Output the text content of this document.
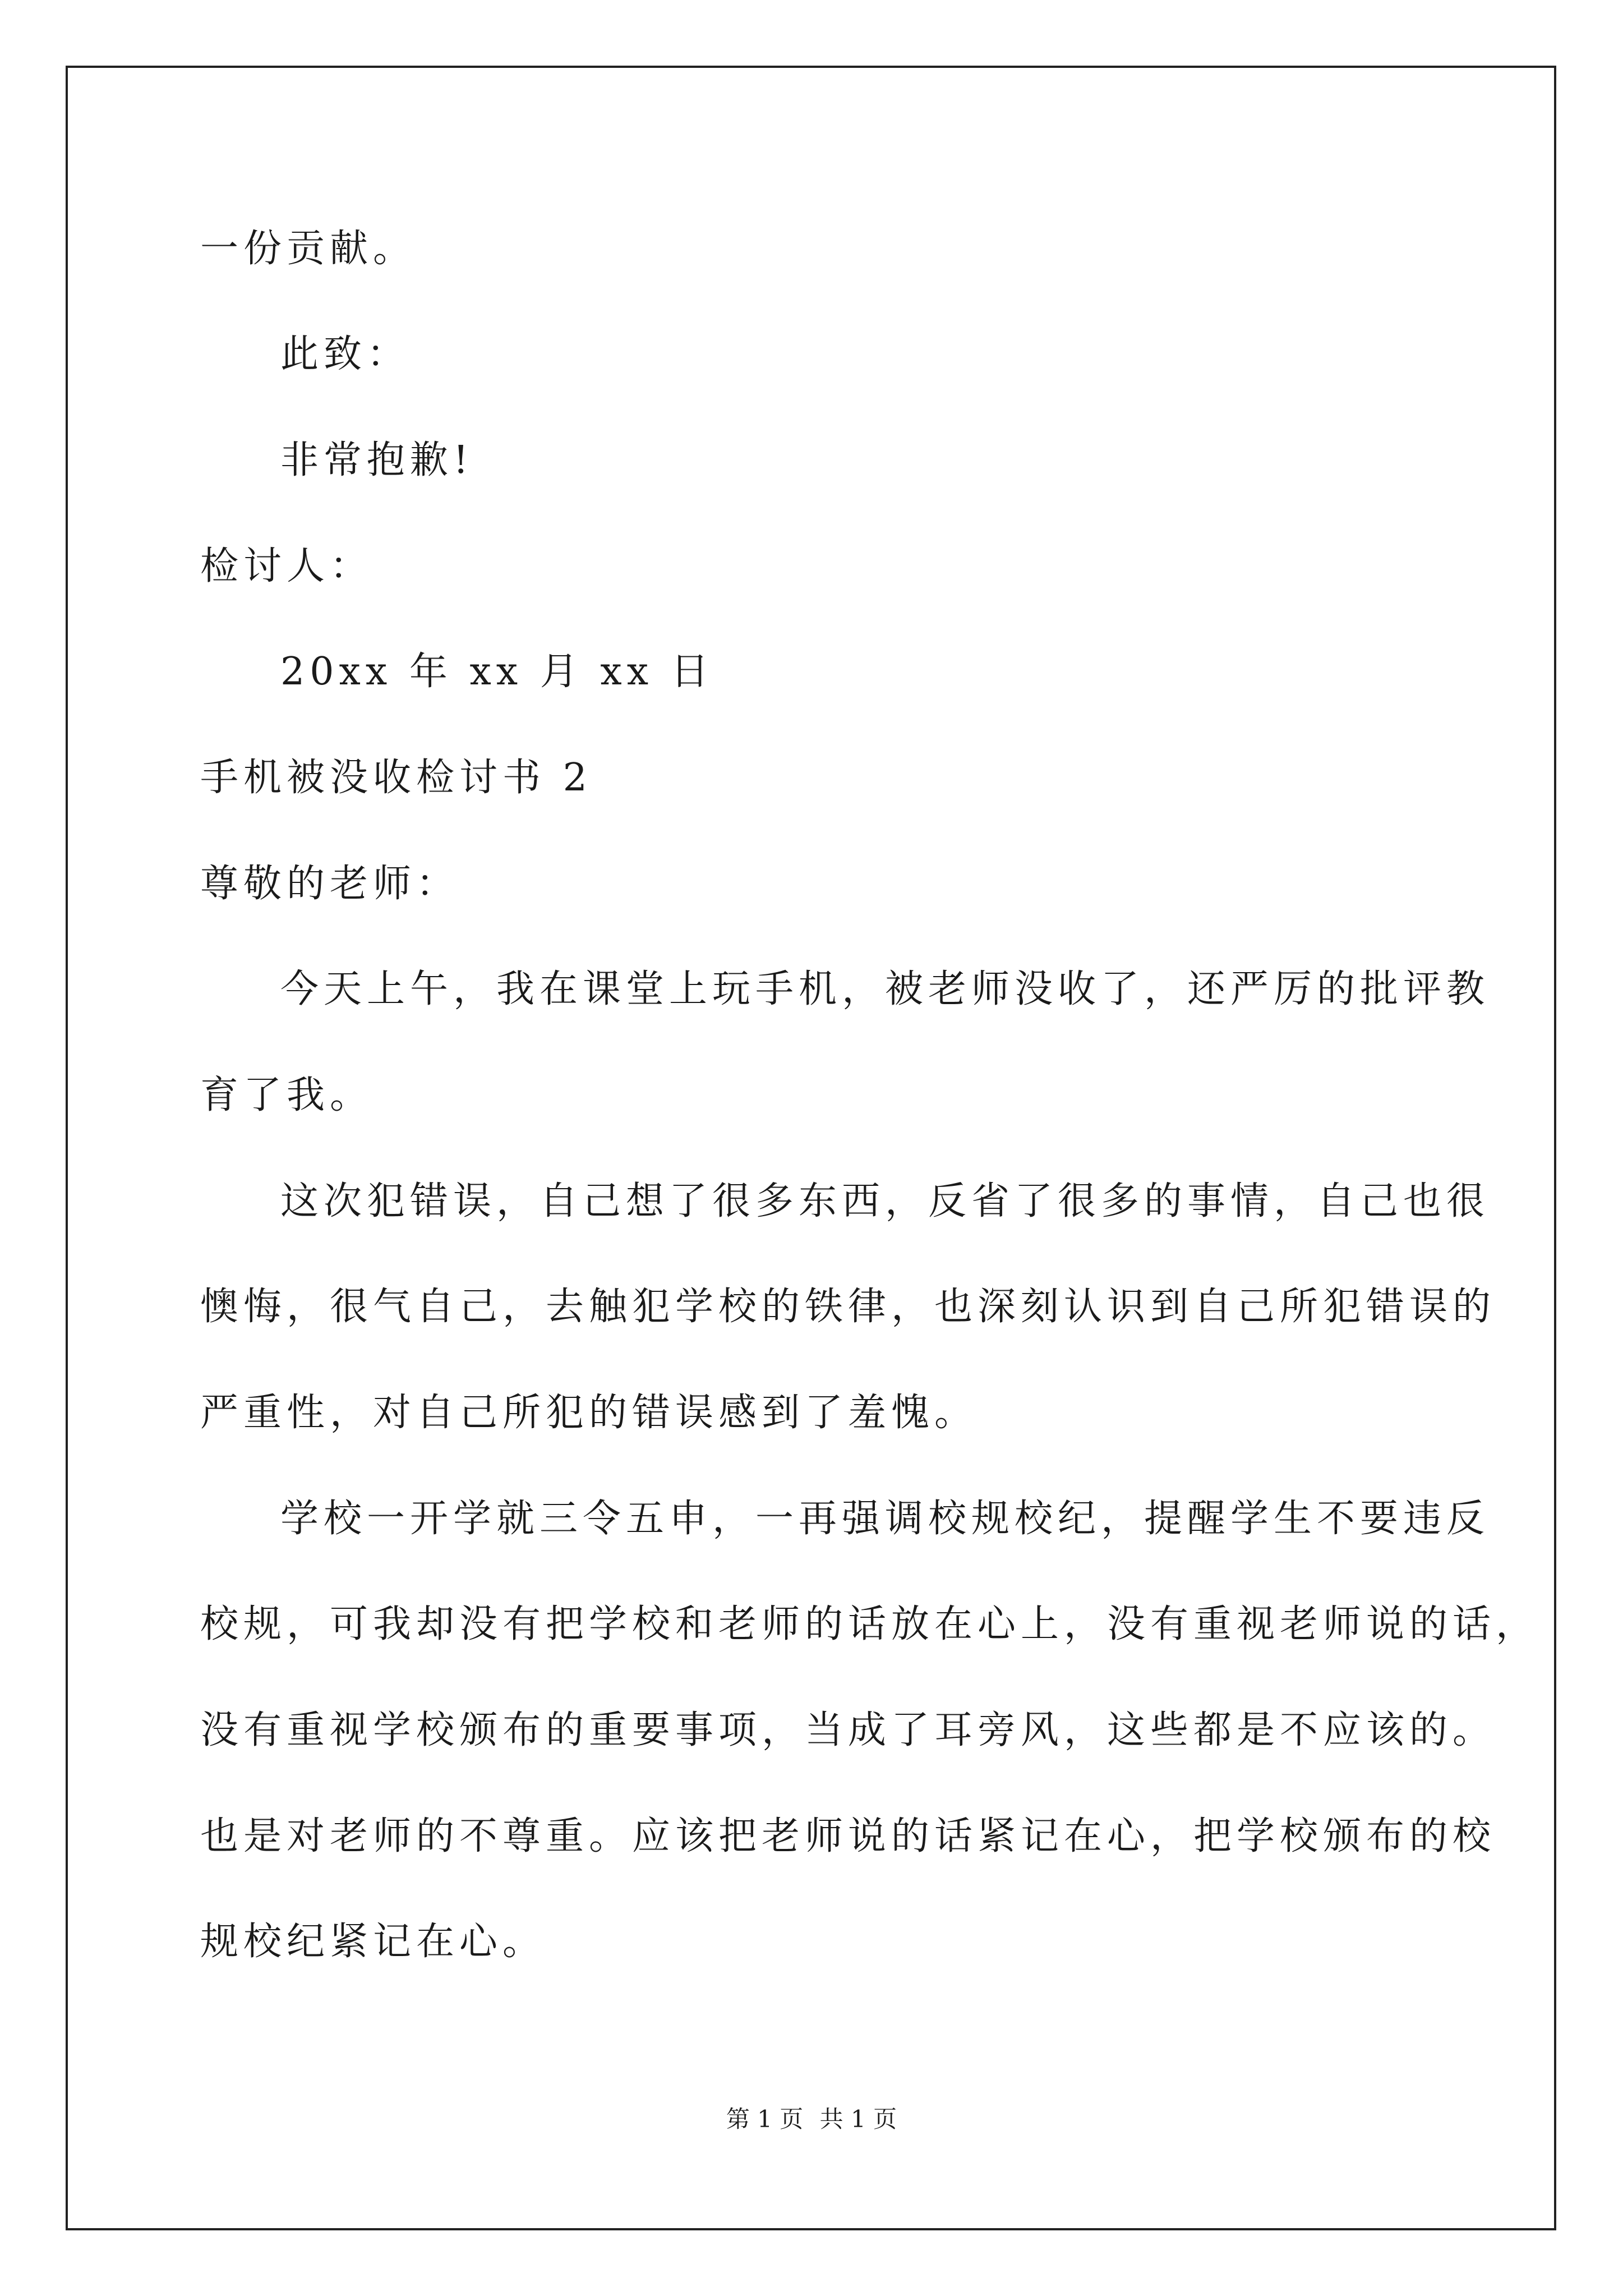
一份贡献。
此致：
非常抱歉!
检讨人：
20xx 年 xx 月 xx 日
手机被没收检讨书 2
尊敬的老师：
今天上午，我在课堂上玩手机，被老师没收了，还严厉的批评教
育了我。
这次犯错误，自己想了很多东西，反省了很多的事情，自己也很
懊悔，很气自己，去触犯学校的铁律，也深刻认识到自己所犯错误的
严重性，对自己所犯的错误感到了羞愧。
学校一开学就三令五申，一再强调校规校纪，提醒学生不要违反
校规，可我却没有把学校和老师的话放在心上，没有重视老师说的话，
没有重视学校颁布的重要事项，当成了耳旁风，这些都是不应该的。
也是对老师的不尊重。应该把老师说的话紧记在心，把学校颁布的校
规校纪紧记在心。
第 1 页 共 1 页
